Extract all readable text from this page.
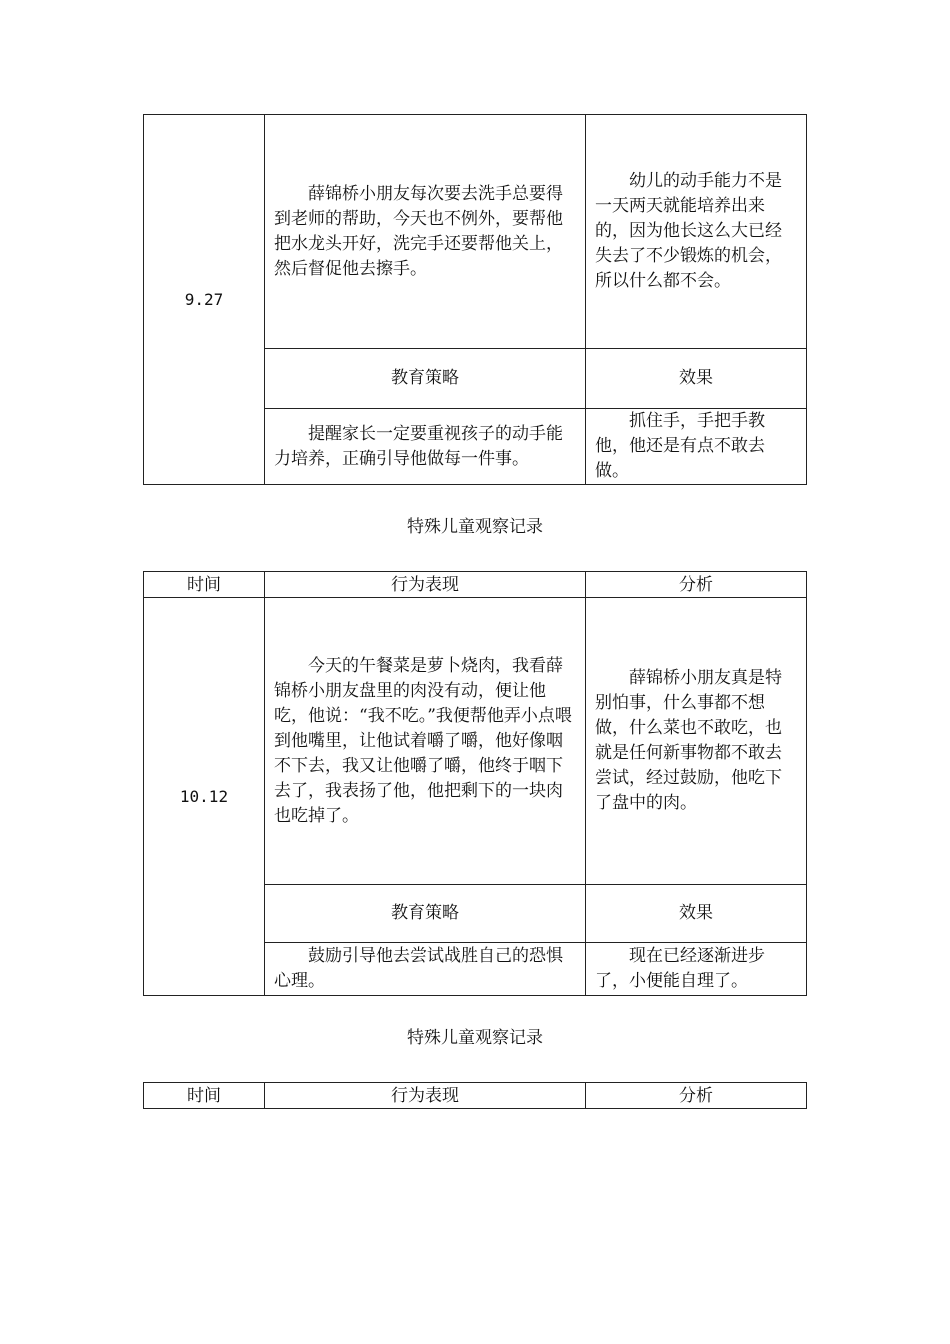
9.27	薛锦桥小朋友每次要去洗手总要得到老师的帮助，今天也不例外，要帮他把水龙头开好，洗完手还要帮他关上，然后督促他去擦手。	幼儿的动手能力不是一天两天就能培养出来的，因为他长这么大已经失去了不少锻炼的机会，所以什么都不会。
	教育策略	效果
	提醒家长一定要重视孩子的动手能力培养，正确引导他做每一件事。	抓住手，手把手教他，他还是有点不敢去做。
特殊儿童观察记录
时间	行为表现	分析
10.12	今天的午餐菜是萝卜烧肉，我看薛锦桥小朋友盘里的肉没有动，便让他吃，他说：“我不吃。”我便帮他弄小点喂到他嘴里，让他试着嚼了嚼，他好像咽不下去，我又让他嚼了嚼，他终于咽下去了，我表扬了他，他把剩下的一块肉也吃掉了。	薛锦桥小朋友真是特别怕事，什么事都不想做，什么菜也不敢吃，也就是任何新事物都不敢去尝试，经过鼓励，他吃下了盘中的肉。
	教育策略	效果
	鼓励引导他去尝试战胜自己的恐惧心理。	现在已经逐渐进步了，小便能自理了。
特殊儿童观察记录
时间	行为表现	分析
